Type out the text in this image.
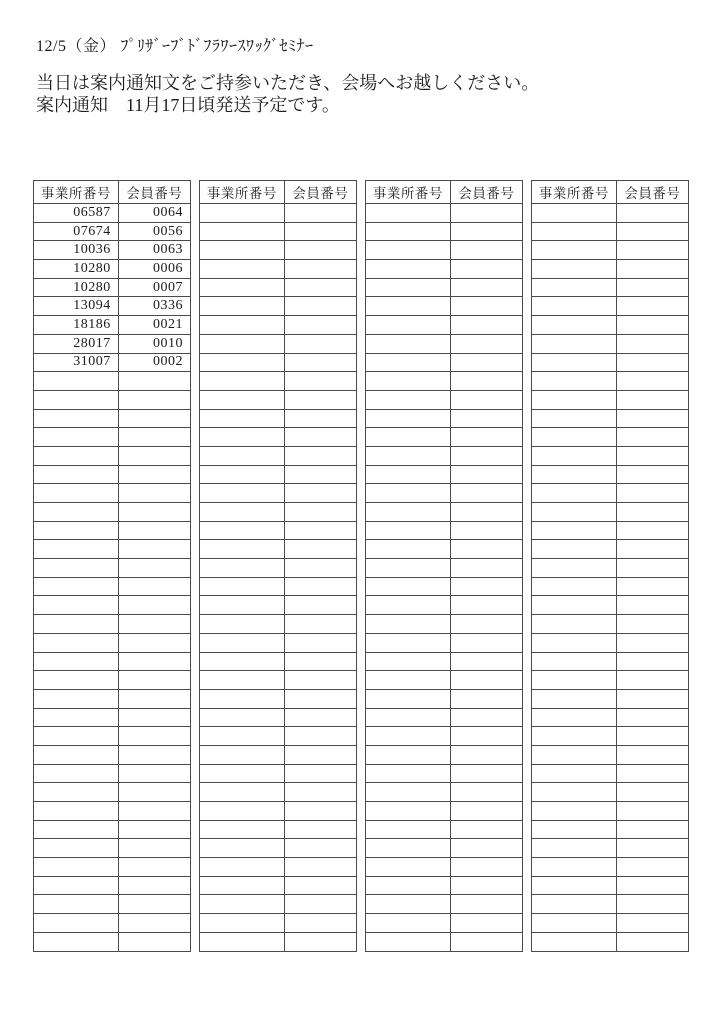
12/5（金） ﾌﾟﾘｻﾞｰﾌﾞﾄﾞﾌﾗﾜｰｽﾜｯｸﾞｾﾐﾅｰ
当日は案内通知文をご持参いただき、会場へお越しください。
案内通知　11月17日頃発送予定です。
事業所番号	会員番号
06587	0064
07674	0056
10036	0063
10280	0006
10280	0007
13094	0336
18186	0021
28017	0010
31007	0002

事業所番号	会員番号

	事業所番号	会員番号

	事業所番号	会員番号
